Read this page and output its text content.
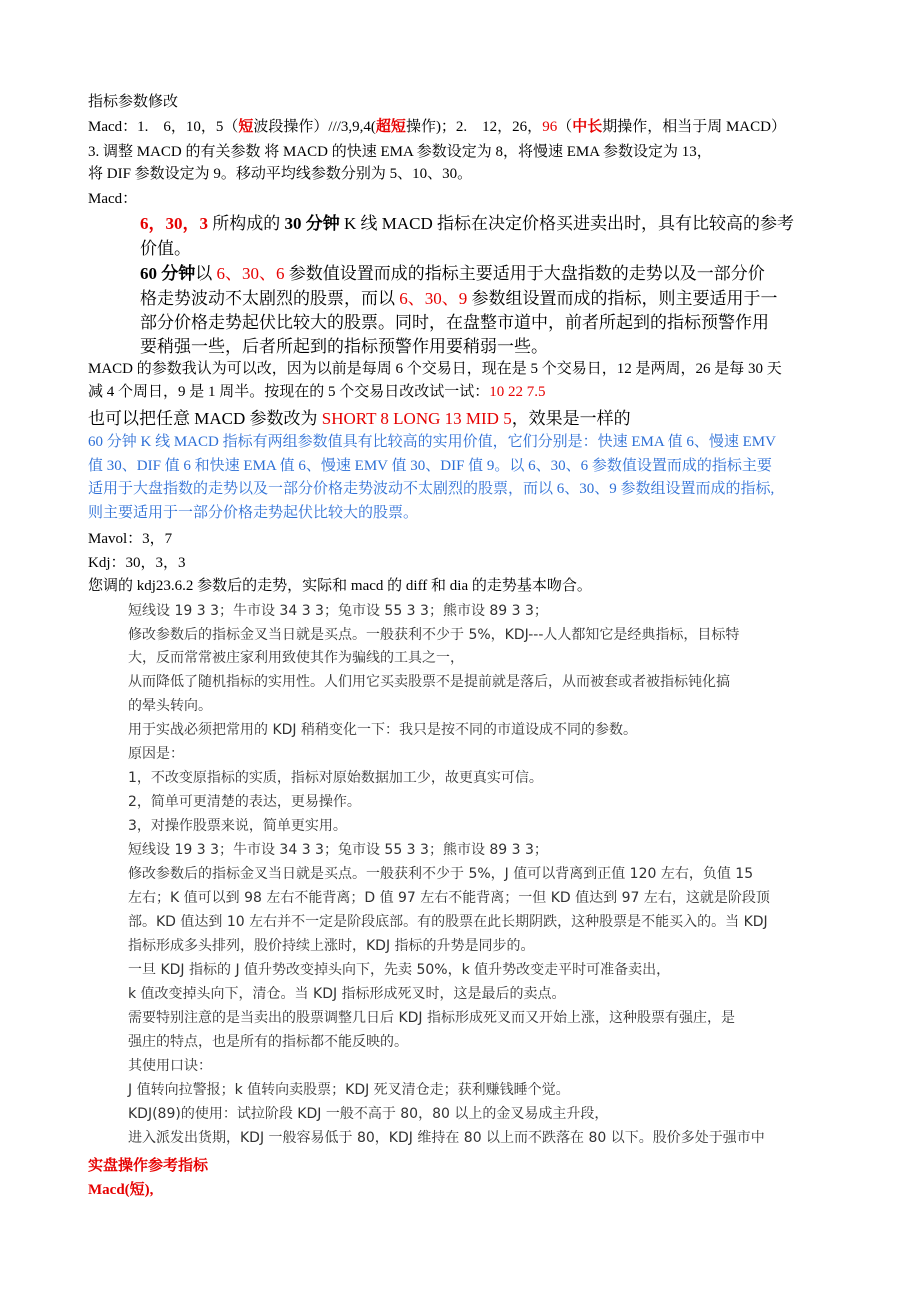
指标参数修改
Macd：1.　6，10，5（短波段操作）///3,9,4(超短操作)；2.　12，26，96（中长期操作，相当于周 MACD）
3. 调整 MACD 的有关参数 将 MACD 的快速 EMA 参数设定为 8，将慢速 EMA 参数设定为 13，
将 DIF 参数设定为 9。移动平均线参数分别为 5、10、30。
Macd：
6，30，3 所构成的 30 分钟 K 线 MACD 指标在决定价格买进卖出时，具有比较高的参考
价值。
60 分钟以 6、30、6 参数值设置而成的指标主要适用于大盘指数的走势以及一部分价
格走势波动不太剧烈的股票，而以 6、30、9 参数组设置而成的指标，则主要适用于一
部分价格走势起伏比较大的股票。同时，在盘整市道中，前者所起到的指标预警作用
要稍强一些，后者所起到的指标预警作用要稍弱一些。
MACD 的参数我认为可以改，因为以前是每周 6 个交易日，现在是 5 个交易日，12 是两周，26 是每 30 天
减 4 个周日，9 是 1 周半。按现在的 5 个交易日改改试一试：10 22 7.5
也可以把任意 MACD 参数改为 SHORT 8 LONG 13 MID 5，效果是一样的
60 分钟 K 线 MACD 指标有两组参数值具有比较高的实用价值，它们分别是：快速 EMA 值 6、慢速 EMV
值 30、DIF 值 6 和快速 EMA 值 6、慢速 EMV 值 30、DIF 值 9。以 6、30、6 参数值设置而成的指标主要
适用于大盘指数的走势以及一部分价格走势波动不太剧烈的股票，而以 6、30、9 参数组设置而成的指标,
则主要适用于一部分价格走势起伏比较大的股票。
Mavol：3，7
Kdj：30，3，3
您调的 kdj23.6.2 参数后的走势，实际和 macd 的 diff 和 dia 的走势基本吻合。
短线设 19 3 3；牛市设 34 3 3；兔市设 55 3 3；熊市设 89 3 3；
修改参数后的指标金叉当日就是买点。一般获利不少于 5%，KDJ---人人都知它是经典指标，目标特
大，反而常常被庄家利用致使其作为骗线的工具之一，
从而降低了随机指标的实用性。人们用它买卖股票不是提前就是落后，从而被套或者被指标钝化搞
的晕头转向。
用于实战必须把常用的 KDJ 稍稍变化一下：我只是按不同的市道设成不同的参数。
原因是：
1，不改变原指标的实质，指标对原始数据加工少，故更真实可信。
2，简单可更清楚的表达，更易操作。
3，对操作股票来说，简单更实用。
短线设 19 3 3；牛市设 34 3 3；兔市设 55 3 3；熊市设 89 3 3；
修改参数后的指标金叉当日就是买点。一般获利不少于 5%，J 值可以背离到正值 120 左右，负值 15
左右；K 值可以到 98 左右不能背离；D 值 97 左右不能背离；一但 KD 值达到 97 左右，这就是阶段顶
部。KD 值达到 10 左右并不一定是阶段底部。有的股票在此长期阴跌，这种股票是不能买入的。当 KDJ
指标形成多头排列，股价持续上涨时，KDJ 指标的升势是同步的。
一旦 KDJ 指标的 J 值升势改变掉头向下，先卖 50%，k 值升势改变走平时可准备卖出，
k 值改变掉头向下，清仓。当 KDJ 指标形成死叉时，这是最后的卖点。
需要特别注意的是当卖出的股票调整几日后 KDJ 指标形成死叉而又开始上涨，这种股票有强庄，是
强庄的特点，也是所有的指标都不能反映的。
其使用口诀：
J 值转向拉警报；k 值转向卖股票；KDJ 死叉清仓走；获利赚钱睡个觉。
KDJ(89)的使用：试拉阶段 KDJ 一般不高于 80，80 以上的金叉易成主升段，
进入派发出货期，KDJ 一般容易低于 80，KDJ 维持在 80 以上而不跌落在 80 以下。股价多处于强市中
实盘操作参考指标
Macd(短),
